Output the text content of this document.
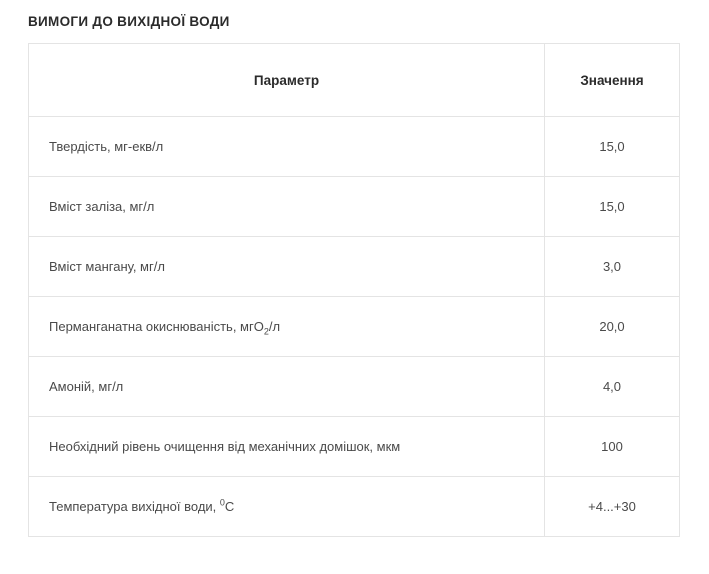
ВИМОГИ ДО ВИХІДНОЇ ВОДИ
Параметр	Значення
Твердість, мг-екв/л	15,0
Вміст заліза, мг/л	15,0
Вміст мангану, мг/л	3,0
Перманганатна окиснюваність, мгО$_2$/л	20,0
Амоній, мг/л	4,0
Необхідний рівень очищення від механічних домішок, мкм	100
Температура вихідної води, $^0$С	+4...+30
